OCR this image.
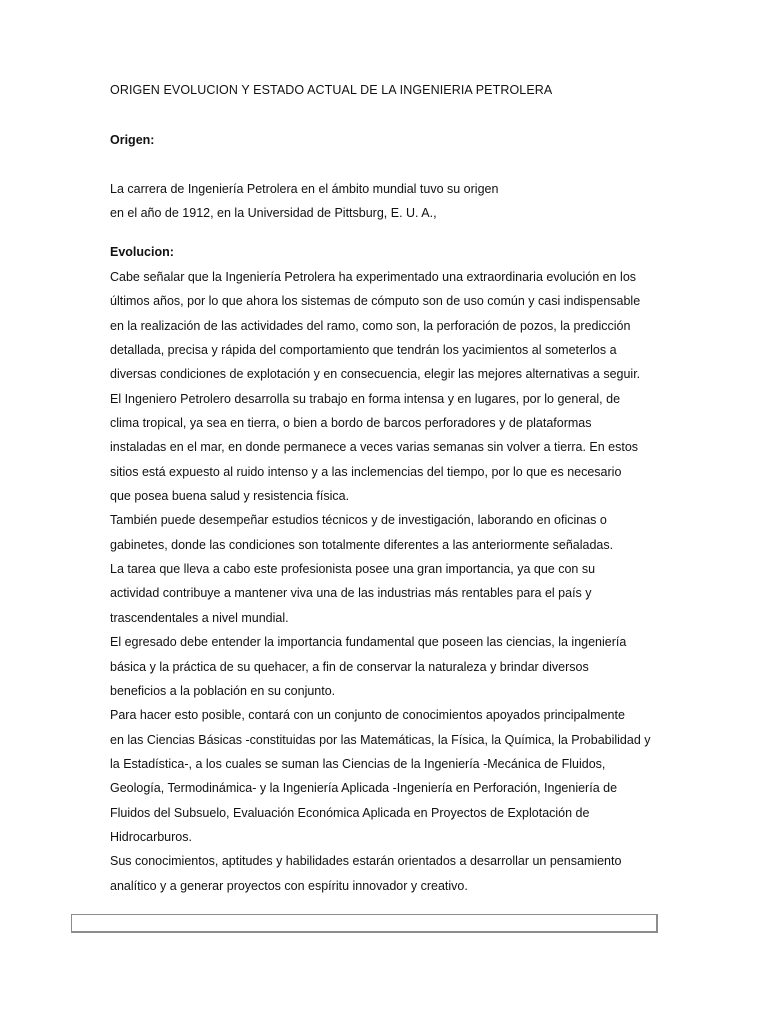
ORIGEN EVOLUCION Y ESTADO ACTUAL DE LA INGENIERIA PETROLERA
Origen:
La carrera de Ingeniería Petrolera en el ámbito mundial tuvo su origen
en el año de 1912, en la Universidad de Pittsburg, E. U. A.,
Evolucion:
Cabe señalar que la Ingeniería Petrolera ha experimentado una extraordinaria evolución en los
últimos años, por lo que ahora los sistemas de cómputo son de uso común y casi indispensable
en la realización de las actividades del ramo, como son, la perforación de pozos, la predicción
detallada, precisa y rápida del comportamiento que tendrán los yacimientos al someterlos a
diversas condiciones de explotación y en consecuencia, elegir las mejores alternativas a seguir.
El Ingeniero Petrolero desarrolla su trabajo en forma intensa y en lugares, por lo general, de
clima tropical, ya sea en tierra, o bien a bordo de barcos perforadores y de plataformas
instaladas en el mar, en donde permanece a veces varias semanas sin volver a tierra. En estos
sitios está expuesto al ruido intenso y a las inclemencias del tiempo, por lo que es necesario
que posea buena salud y resistencia física.
También puede desempeñar estudios técnicos y de investigación, laborando en oficinas o
gabinetes, donde las condiciones son totalmente diferentes a las anteriormente señaladas.
La tarea que lleva a cabo este profesionista posee una gran importancia, ya que con su
actividad contribuye a mantener viva una de las industrias más rentables para el país y
trascendentales a nivel mundial.
El egresado debe entender la importancia fundamental que poseen las ciencias, la ingeniería
básica y la práctica de su quehacer, a fin de conservar la naturaleza y brindar diversos
beneficios a la población en su conjunto.
Para hacer esto posible, contará con un conjunto de conocimientos apoyados principalmente
en las Ciencias Básicas -constituidas por las Matemáticas, la Física, la Química, la Probabilidad y
la Estadística-, a los cuales se suman las Ciencias de la Ingeniería -Mecánica de Fluidos,
Geología, Termodinámica- y la Ingeniería Aplicada -Ingeniería en Perforación, Ingeniería de
Fluidos del Subsuelo, Evaluación Económica Aplicada en Proyectos de Explotación de
Hidrocarburos.
Sus conocimientos, aptitudes y habilidades estarán orientados a desarrollar un pensamiento
analítico y a generar proyectos con espíritu innovador y creativo.
